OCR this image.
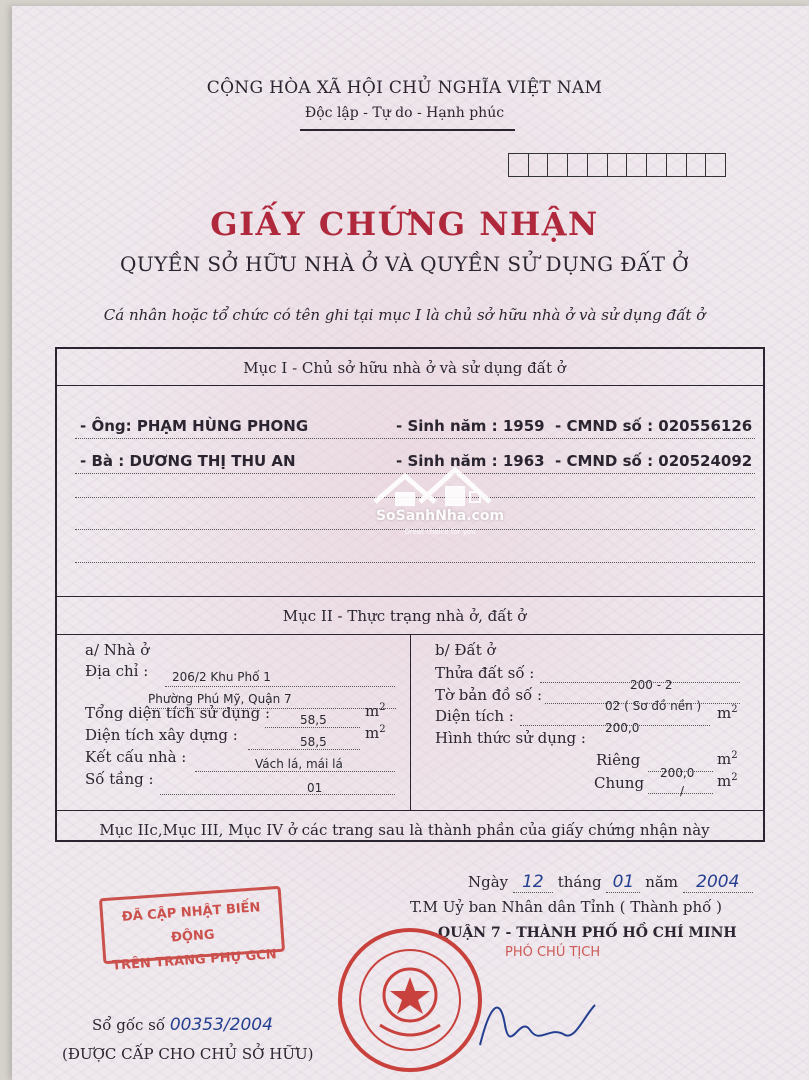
CỘNG HÒA XÃ HỘI CHỦ NGHĨA VIỆT NAM
Độc lập - Tự do - Hạnh phúc
GIẤY CHỨNG NHẬN
QUYỀN SỞ HỮU NHÀ Ở VÀ QUYỀN SỬ DỤNG ĐẤT Ở
Cá nhân hoặc tổ chức có tên ghi tại mục I là chủ sở hữu nhà ở và sử dụng đất ở
Mục I - Chủ sở hữu nhà ở và sử dụng đất ở
- Ông: PHẠM HÙNG PHONG	- Sinh năm : 1959 - CMND số : 020556126
- Bà : DƯƠNG THỊ THU AN	- Sinh năm : 1963 - CMND số : 020524092
SoSanhNha.com
Great choice for you
Mục II - Thực trạng nhà ở, đất ở
a/ Nhà ở
Địa chỉ : 206/2 Khu Phố 1
Phường Phú Mỹ, Quận 7
Tổng diện tích sử dụng : 58,5	$m^2$
Diện tích xây dựng :	58,5	$m^2$
Kết cấu nhà :	Vách lá, mái lá
Số tầng :	01
b/ Đất ở
Thửa đất số :
200 - 2
Tờ bản đồ số :
02 ( Sơ đồ nền )
Diện tích :
200,0
$m^2$
Hình thức sử dụng :
Riêng
200,0
$m^2$
Chung	/
$m^2$
Mục IIc,Mục III, Mục IV ở các trang sau là thành phần của giấy chứng nhận này
Ngày 12 tháng 01 năm 2004
T.M Uỷ ban Nhân dân Tỉnh ( Thành phố )
QUẬN 7 - THÀNH PHỐ HỒ CHÍ MINH
PHÓ CHỦ TỊCH
ĐÃ CẬP NHẬT BIẾN ĐỘNG
TRÊN TRANG PHỤ GCN
Sổ gốc số 00353/2004
(ĐƯỢC CẤP CHO CHỦ SỞ HỮU)
